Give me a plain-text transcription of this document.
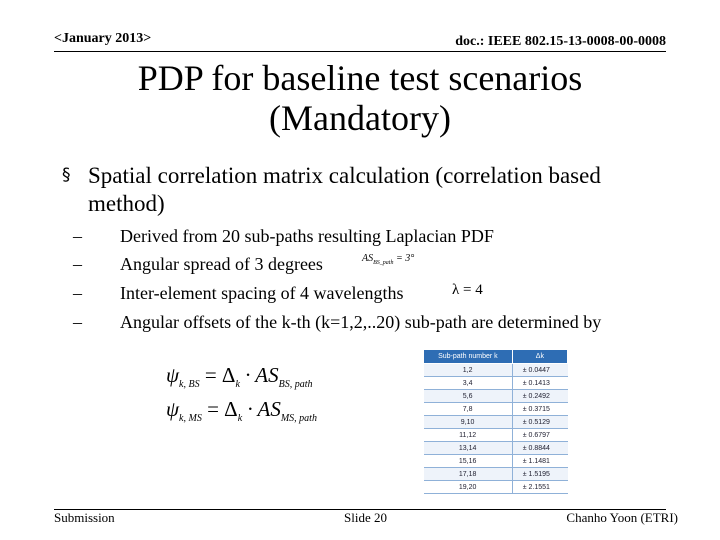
<January 2013>	doc.: IEEE 802.15-13-0008-00-0008
PDP for baseline test scenarios
(Mandatory)
§ Spatial correlation matrix calculation (correlation based method)
– Derived from 20 sub-paths resulting Laplacian PDF
– Angular spread of 3 degrees
– Inter-element spacing of 4 wavelengths
– Angular offsets of the k-th (k=1,2,..20) sub-path are determined by
$AS_{BS\_path} = 3^\circ$
λ = 4
$\psi_{k, BS} = \Delta_k \cdot AS_{BS, path}$
$\psi_{k, MS} = \Delta_k \cdot AS_{MS, path}$
Sub-path number k	Δk
1,2	± 0.0447
3,4	± 0.1413
5,6	± 0.2492
7,8	± 0.3715
9,10	± 0.5129
11,12	± 0.6797
13,14	± 0.8844
15,16	± 1.1481
17,18	± 1.5195
19,20	± 2.1551
Submission	Slide 20	Chanho Yoon (ETRI)
